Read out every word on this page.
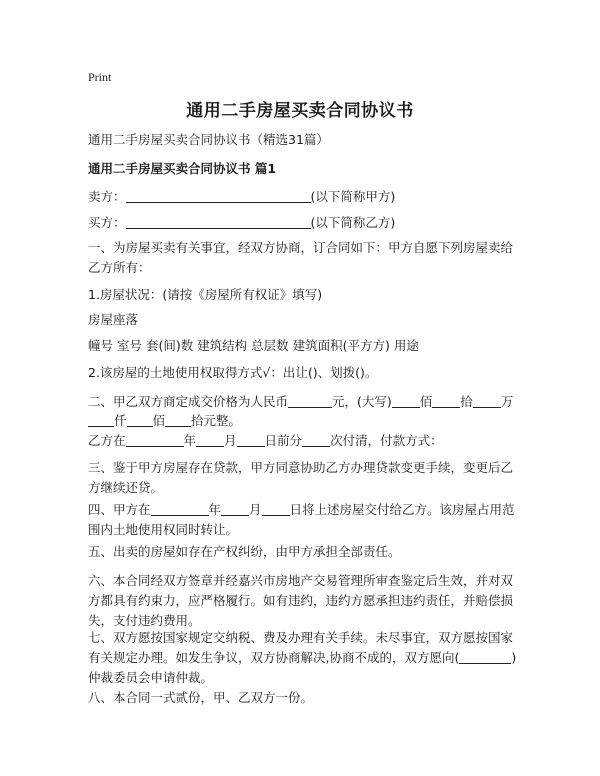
Print
通用二手房屋买卖合同协议书
通用二手房屋买卖合同协议书（精选31篇）
通用二手房屋买卖合同协议书 篇1
卖方：	(以下简称甲方)
买方：	(以下简称乙方)
一、为房屋买卖有关事宜，经双方协商，订合同如下：甲方自愿下列房屋卖给乙方所有：
1.房屋状况：(请按《房屋所有权证》填写)
房屋座落
幢号 室号 套(间)数 建筑结构 总层数 建筑面积(平方方) 用途
2.该房屋的土地使用权取得方式√：出让()、划拨()。
二、甲乙双方商定成交价格为人民币	元，(大写) 佰 拾 万
仟 佰 拾元整。
乙方在	年 月 日前分 次付清，付款方式：
三、鉴于甲方房屋存在贷款，甲方同意协助乙方办理贷款变更手续，变更后乙方继续还贷。
四、甲方在	年 月 日将上述房屋交付给乙方。该房屋占用范围内土地使用权同时转让。
五、出卖的房屋如存在产权纠纷，由甲方承担全部责任。
六、本合同经双方签章并经嘉兴市房地产交易管理所审查鉴定后生效，并对双方都具有约束力，应严格履行。如有违约，违约方愿承担违约责任，并赔偿损失，支付违约费用。
七、双方愿按国家规定交纳税、费及办理有关手续。未尽事宜，双方愿按国家有关规定办理。如发生争议，双方协商解决,协商不成的，双方愿向(	)仲裁委员会申请仲裁。
八、本合同一式贰份，甲、乙双方一份。
